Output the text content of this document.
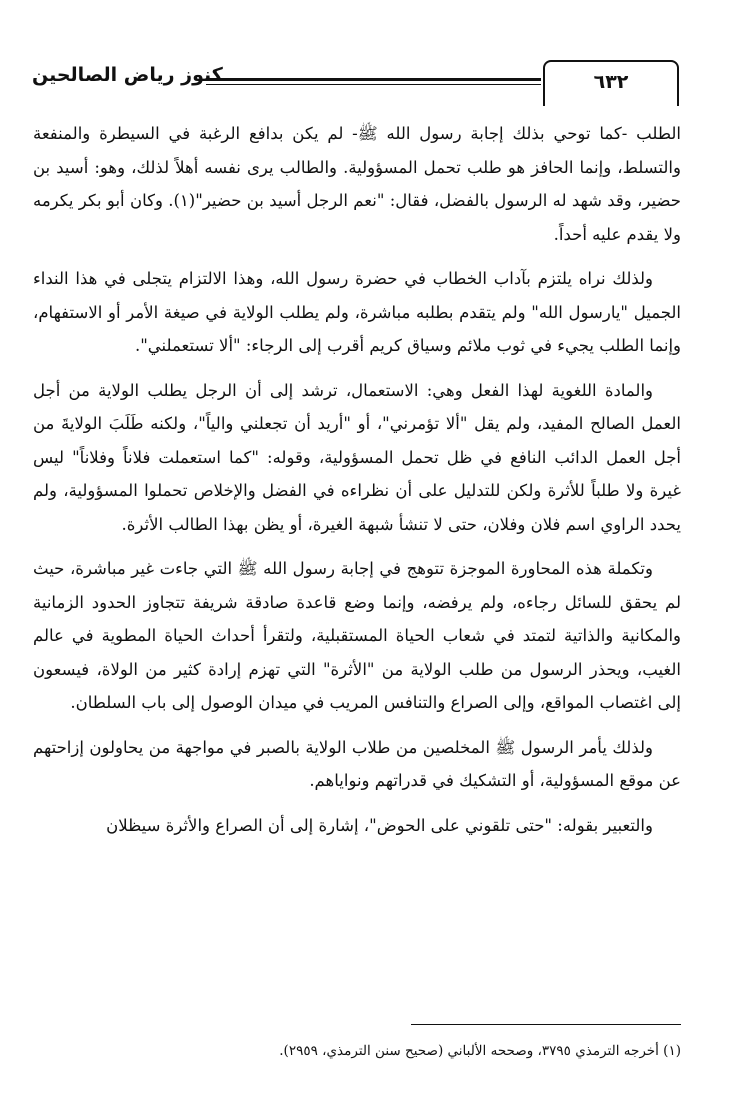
٦٣٢
كنوز رياض الصالحين

الطلب -كما توحي بذلك إجابة رسول الله ﷺ- لم يكن بدافع الرغبة في السيطرة والمنفعة والتسلط، وإنما الحافز هو طلب تحمل المسؤولية. والطالب يرى نفسه أهلاً لذلك، وهو: أسيد بن حضير، وقد شهد له الرسول بالفضل، فقال: "نعم الرجل أسيد بن حضير"(١). وكان أبو بكر يكرمه ولا يقدم عليه أحداً.

ولذلك نراه يلتزم بآداب الخطاب في حضرة رسول الله، وهذا الالتزام يتجلى في هذا النداء الجميل "يارسول الله" ولم يتقدم بطلبه مباشرة، ولم يطلب الولاية في صيغة الأمر أو الاستفهام، وإنما الطلب يجيء في ثوب ملائم وسياق كريم أقرب إلى الرجاء: "ألا تستعملني".

والمادة اللغوية لهذا الفعل وهي: الاستعمال، ترشد إلى أن الرجل يطلب الولاية من أجل العمل الصالح المفيد، ولم يقل "ألا تؤمرني"، أو "أريد أن تجعلني والياً"، ولكنه طَلَبَ الولايةَ من أجل العمل الدائب النافع في ظل تحمل المسؤولية، وقوله: "كما استعملت فلاناً وفلاناً" ليس غيرة ولا طلباً للأثرة ولكن للتدليل على أن نظراءه في الفضل والإخلاص تحملوا المسؤولية، ولم يحدد الراوي اسم فلان وفلان، حتى لا تنشأ شبهة الغيرة، أو يظن بهذا الطالب الأثرة.

وتكملة هذه المحاورة الموجزة تتوهج في إجابة رسول الله ﷺ التي جاءت غير مباشرة، حيث لم يحقق للسائل رجاءه، ولم يرفضه، وإنما وضع قاعدة صادقة شريفة تتجاوز الحدود الزمانية والمكانية والذاتية لتمتد في شعاب الحياة المستقبلية، ولتقرأ أحداث الحياة المطوية في عالم الغيب، ويحذر الرسول من طلب الولاية من "الأثرة" التي تهزم إرادة كثير من الولاة، فيسعون إلى اغتصاب المواقع، وإلى الصراع والتنافس المريب في ميدان الوصول إلى باب السلطان.

ولذلك يأمر الرسول ﷺ المخلصين من طلاب الولاية بالصبر في مواجهة من يحاولون إزاحتهم عن موقع المسؤولية، أو التشكيك في قدراتهم ونواياهم.

والتعبير بقوله: "حتى تلقوني على الحوض"، إشارة إلى أن الصراع والأثرة سيظلان

(١) أخرجه الترمذي ٣٧٩٥، وصححه الألباني (صحيح سنن الترمذي، ٢٩٥٩).
